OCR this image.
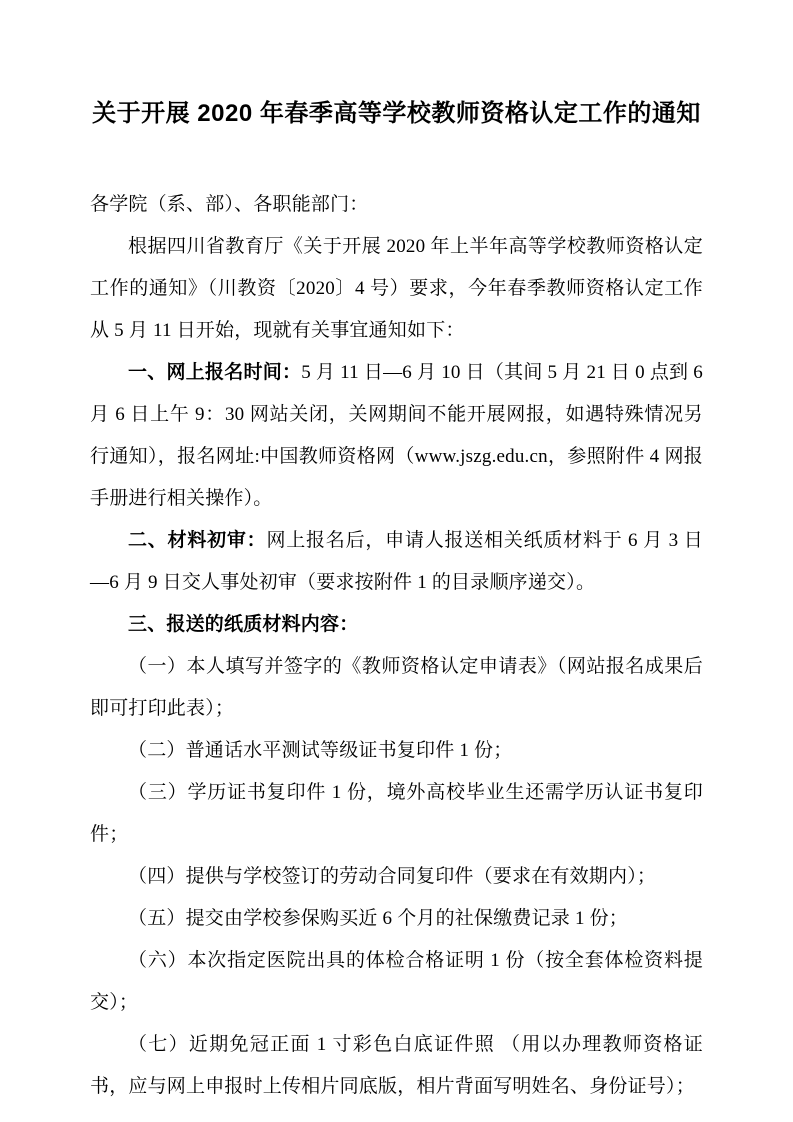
关于开展 2020 年春季高等学校教师资格认定工作的通知

各学院（系、部）、各职能部门：

根据四川省教育厅《关于开展 2020 年上半年高等学校教师资格认定工作的通知》（川教资〔2020〕4 号）要求，今年春季教师资格认定工作从 5 月 11 日开始，现就有关事宜通知如下：

一、网上报名时间：5 月 11 日—6 月 10 日（其间 5 月 21 日 0 点到 6 月 6 日上午 9：30 网站关闭，关网期间不能开展网报，如遇特殊情况另行通知），报名网址:中国教师资格网（www.jszg.edu.cn，参照附件 4 网报手册进行相关操作）。

二、材料初审：网上报名后，申请人报送相关纸质材料于 6 月 3 日—6 月 9 日交人事处初审（要求按附件 1 的目录顺序递交）。

三、报送的纸质材料内容：

（一）本人填写并签字的《教师资格认定申请表》（网站报名成果后即可打印此表）；

（二）普通话水平测试等级证书复印件 1 份；

（三）学历证书复印件 1 份，境外高校毕业生还需学历认证书复印件；

（四）提供与学校签订的劳动合同复印件（要求在有效期内）；

（五）提交由学校参保购买近 6 个月的社保缴费记录 1 份；

（六）本次指定医院出具的体检合格证明 1 份（按全套体检资料提交）；

（七）近期免冠正面 1 寸彩色白底证件照 （用以办理教师资格证书，应与网上申报时上传相片同底版，相片背面写明姓名、身份证号）；
